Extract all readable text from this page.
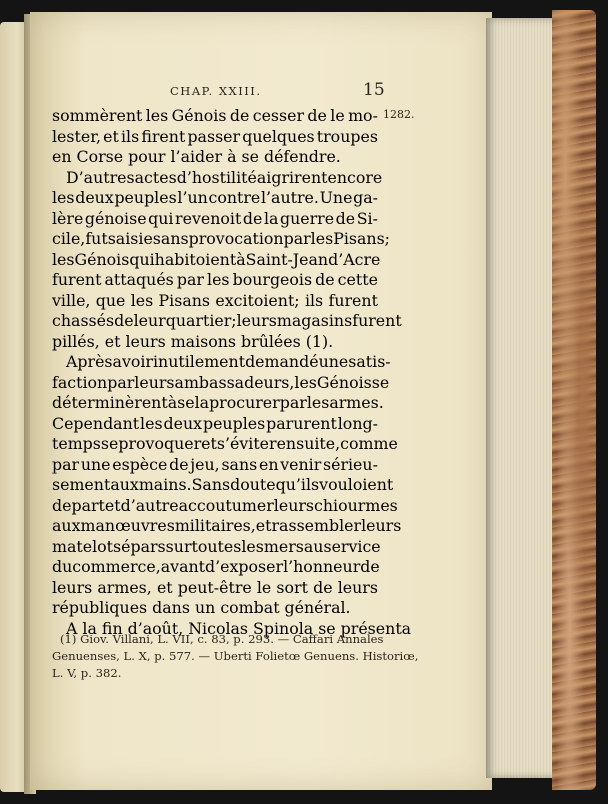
CHAP. XXIII.	15
1282.
sommèrent les Génois de cesser de le mo-
lester, et ils firent passer quelques troupes
en Corse pour l’aider à se défendre.
D’autres actes d’hostilité aigrirent encore
les deux peuples l’un contre l’autre. Une ga-
lère génoise qui revenoit de la guerre de Si-
cile, fut saisie sans provocation par les Pisans;
les Génois qui habitoient à Saint-Jean d’Acre
furent attaqués par les bourgeois de cette
ville, que les Pisans excitoient; ils furent
chassés de leur quartier; leurs magasins furent
pillés, et leurs maisons brûlées (1).
Après avoir inutilement demandé une satis-
faction par leurs ambassadeurs, les Génois se
déterminèrent à se la procurer par les armes.
Cependant les deux peuples parurent long-
temps se provoquer et s’éviter ensuite, comme
par une espèce de jeu, sans en venir sérieu-
sement aux mains. Sans doute qu’ils vouloient
de part et d’autre accoutumer leurs chiourmes
aux manœuvres militaires, et rassembler leurs
matelots épars sur toutes les mers au service
du commerce, avant d’exposer l’honneur de
leurs armes, et peut-être le sort de leurs
républiques dans un combat général.
A la fin d’août, Nicolas Spinola se présenta
(1) Giov. Villani, L. VII, c. 83, p. 293. — Caffari Annales
Genuenses, L. X, p. 577. — Uberti Folietœ Genuens. Historiœ,
L. V, p. 382.
